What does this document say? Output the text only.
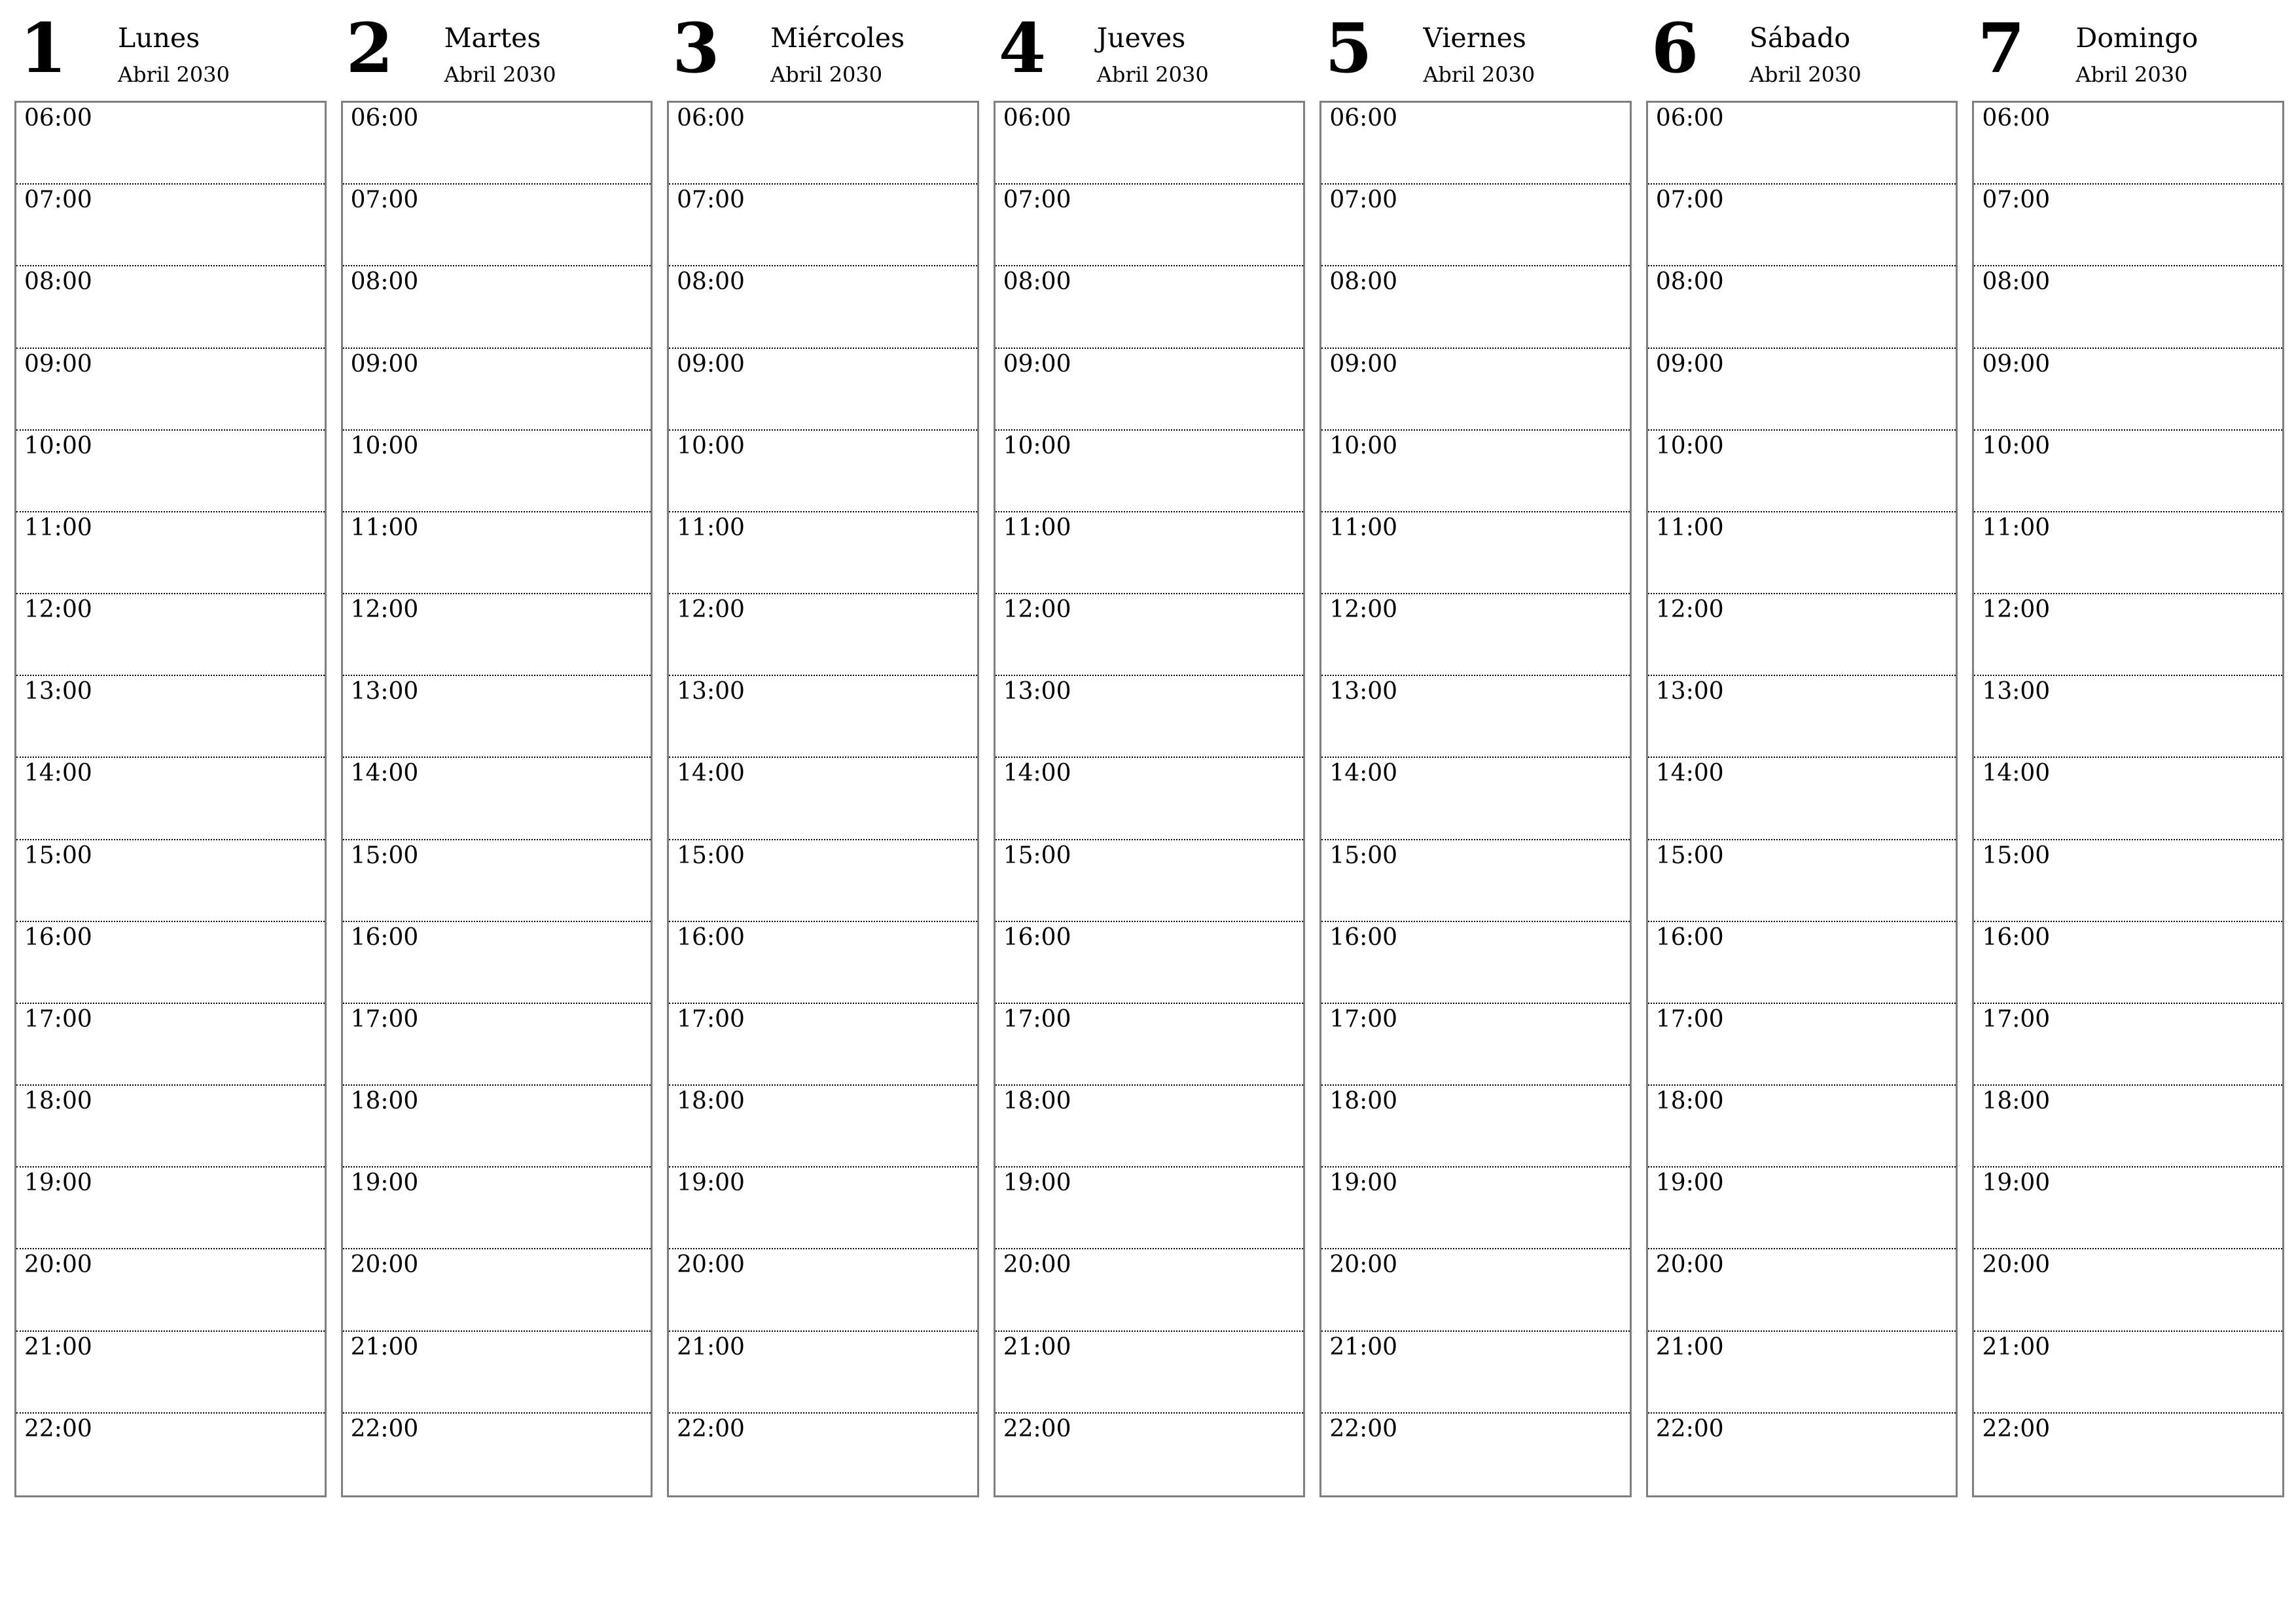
1 Lunes
Abril 2030
06:00
07:00
08:00
09:00
10:00
11:00
12:00
13:00
14:00
15:00
16:00
17:00
18:00
19:00
20:00
21:00
22:00
2 Martes
Abril 2030
06:00
07:00
08:00
09:00
10:00
11:00
12:00
13:00
14:00
15:00
16:00
17:00
18:00
19:00
20:00
21:00
22:00
3 Miércoles
Abril 2030
06:00
07:00
08:00
09:00
10:00
11:00
12:00
13:00
14:00
15:00
16:00
17:00
18:00
19:00
20:00
21:00
22:00
4 Jueves
Abril 2030
06:00
07:00
08:00
09:00
10:00
11:00
12:00
13:00
14:00
15:00
16:00
17:00
18:00
19:00
20:00
21:00
22:00
5 Viernes
Abril 2030
06:00
07:00
08:00
09:00
10:00
11:00
12:00
13:00
14:00
15:00
16:00
17:00
18:00
19:00
20:00
21:00
22:00
6 Sábado
Abril 2030
06:00
07:00
08:00
09:00
10:00
11:00
12:00
13:00
14:00
15:00
16:00
17:00
18:00
19:00
20:00
21:00
22:00
7 Domingo
Abril 2030
06:00
07:00
08:00
09:00
10:00
11:00
12:00
13:00
14:00
15:00
16:00
17:00
18:00
19:00
20:00
21:00
22:00
